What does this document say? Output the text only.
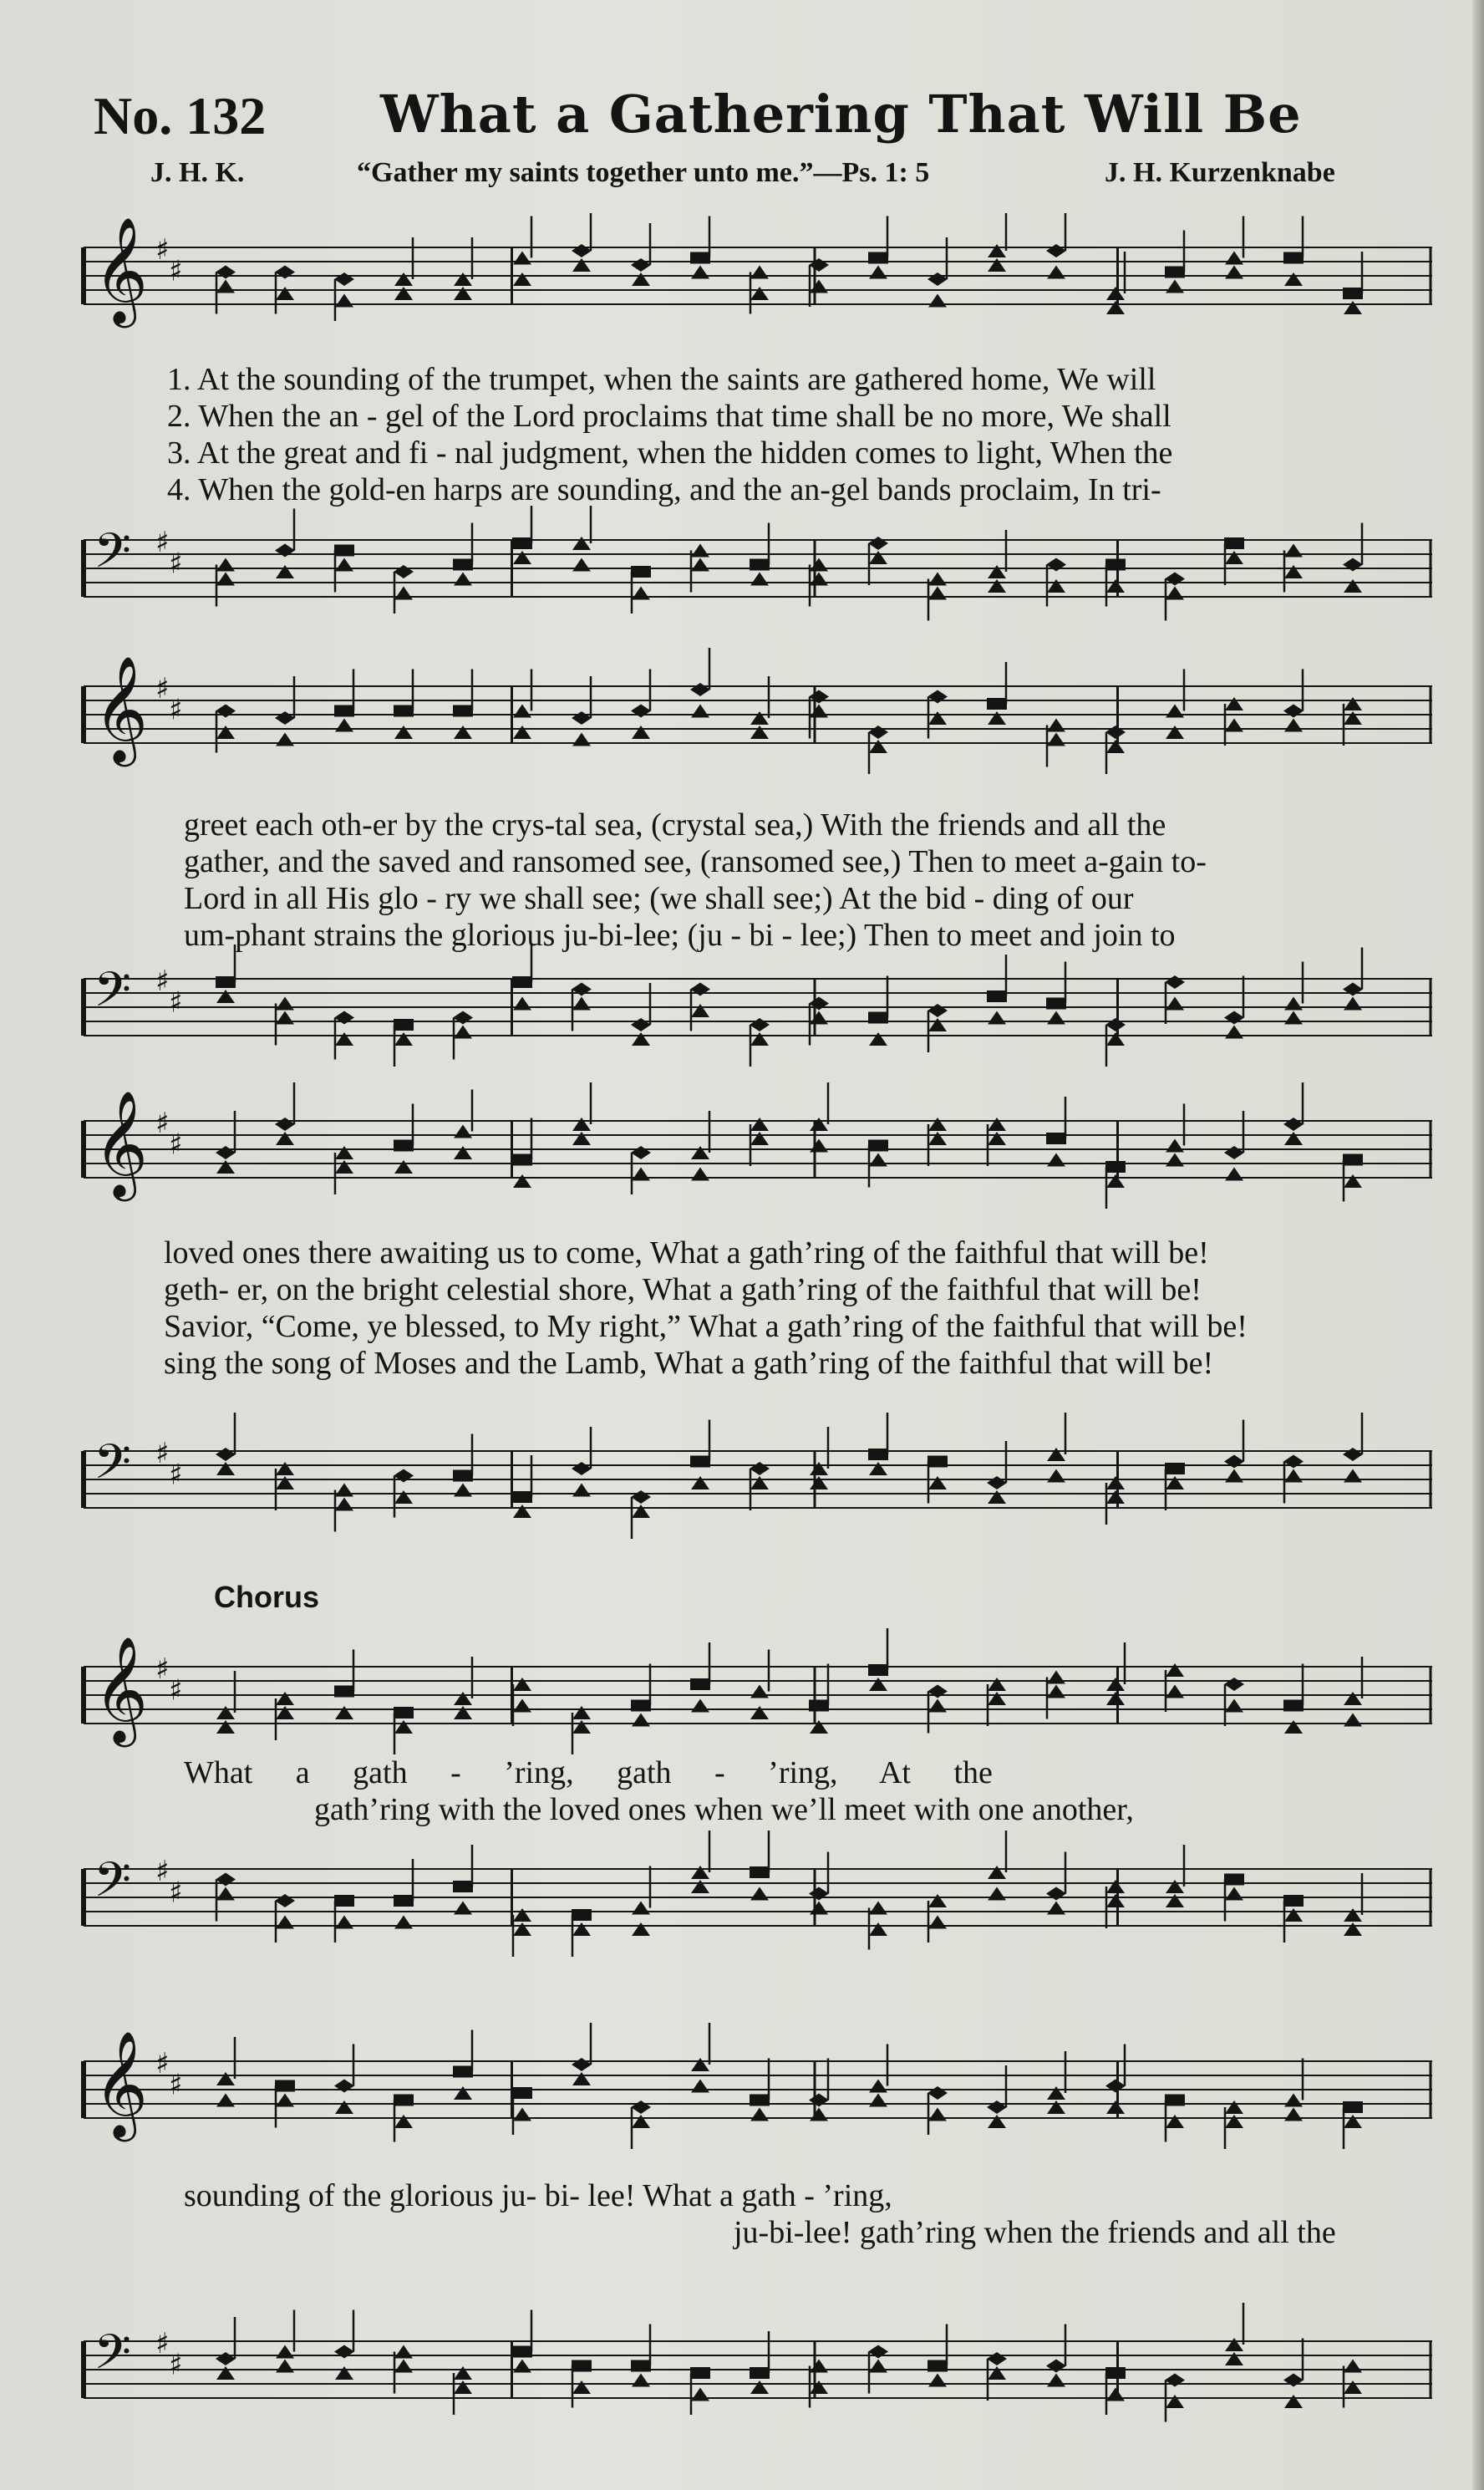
No. 132 What a Gathering That Will Be
J. H. K.	“Gather my saints together unto me.”—Ps. 1: 5	J. H. Kurzenknabe
𝄞 ♯
♯
1. At the sounding of the trumpet, when the saints are gathered home, We will
2. When the an - gel of the Lord proclaims that time shall be no more, We shall
3. At the great and fi - nal judgment, when the hidden comes to light, When the
4. When the gold-en harps are sounding, and the an-gel bands proclaim, In tri-
𝄢 ♯
♯
𝄞 ♯
♯
greet each oth-er by the crys-tal sea, (crystal sea,) With the friends and all the
gather, and the saved and ransomed see, (ransomed see,) Then to meet a-gain to-
Lord in all His glo - ry we shall see; (we shall see;) At the bid - ding of our
um-phant strains the glorious ju-bi-lee; (ju - bi - lee;) Then to meet and join to
𝄢 ♯
♯
𝄞 ♯
♯
loved ones there awaiting us to come, What a gath’ring of the faithful that will be!
geth- er, on the bright celestial shore, What a gath’ring of the faithful that will be!
Savior, “Come, ye blessed, to My right,” What a gath’ring of the faithful that will be!
sing the song of Moses and the Lamb, What a gath’ring of the faithful that will be!
𝄢 ♯
♯
Chorus
𝄞 ♯
♯
What a gath - ’ring, gath - ’ring, At the
gath’ring with the loved ones when we’ll meet with one another,
𝄢 ♯
♯
𝄞 ♯
♯
sounding of the glorious ju- bi- lee! What a gath - ’ring,
ju-bi-lee! gath’ring when the friends and all the
𝄢 ♯
♯
